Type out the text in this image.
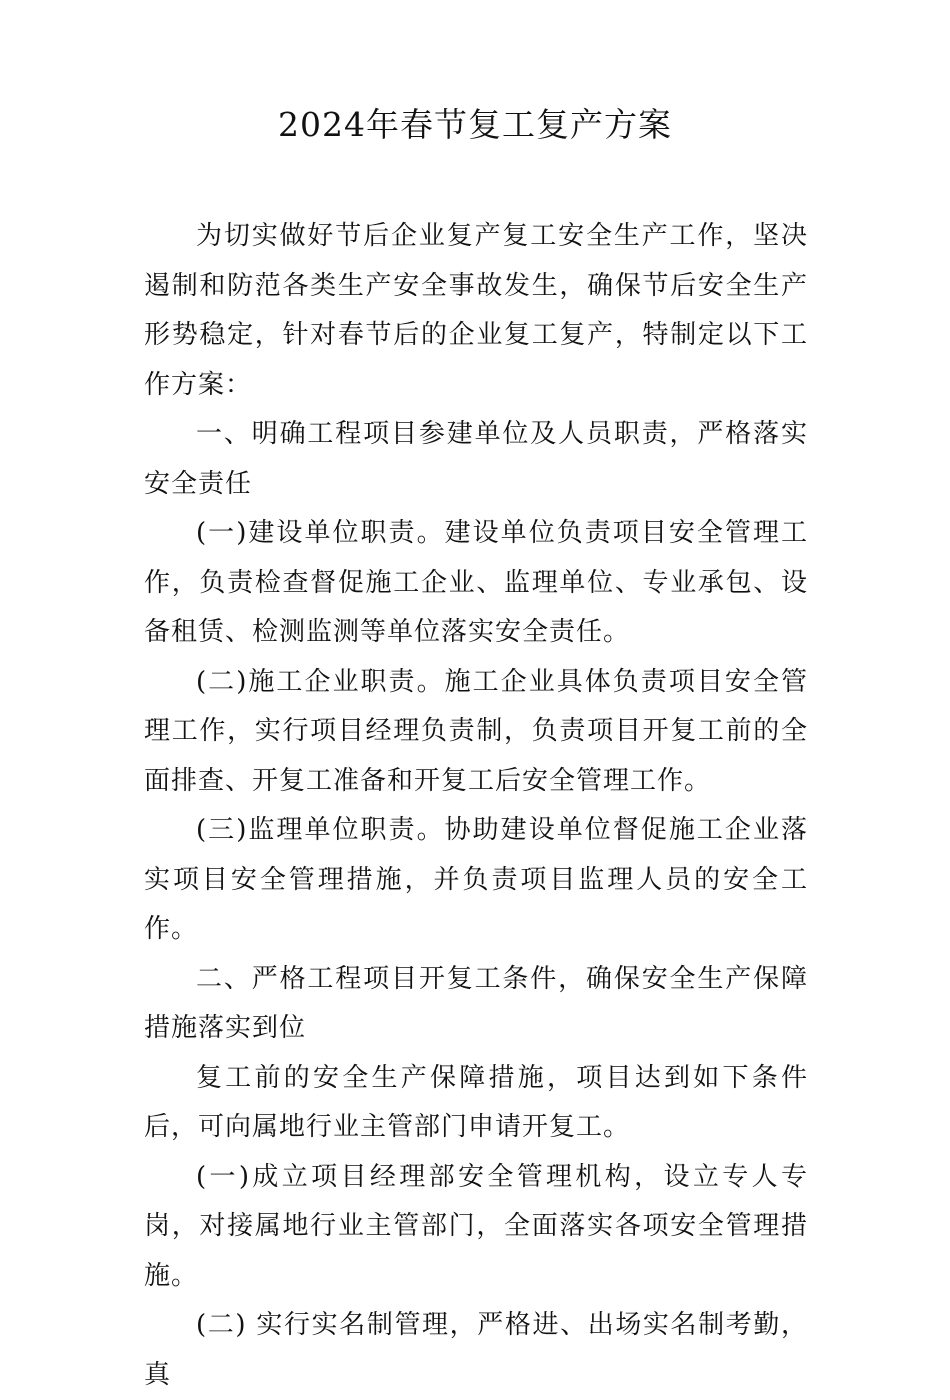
2024年春节复工复产方案

为切实做好节后企业复产复工安全生产工作，坚决遏制和防范各类生产安全事故发生，确保节后安全生产形势稳定，针对春节后的企业复工复产，特制定以下工作方案：

一、明确工程项目参建单位及人员职责，严格落实安全责任

(一)建设单位职责。建设单位负责项目安全管理工作，负责检查督促施工企业、监理单位、专业承包、设备租赁、检测监测等单位落实安全责任。

(二)施工企业职责。施工企业具体负责项目安全管理工作，实行项目经理负责制，负责项目开复工前的全面排查、开复工准备和开复工后安全管理工作。

(三)监理单位职责。协助建设单位督促施工企业落实项目安全管理措施，并负责项目监理人员的安全工作。

二、严格工程项目开复工条件，确保安全生产保障措施落实到位

复工前的安全生产保障措施，项目达到如下条件后，可向属地行业主管部门申请开复工。

(一)成立项目经理部安全管理机构，设立专人专岗，对接属地行业主管部门，全面落实各项安全管理措施。

(二) 实行实名制管理，严格进、出场实名制考勤，真
